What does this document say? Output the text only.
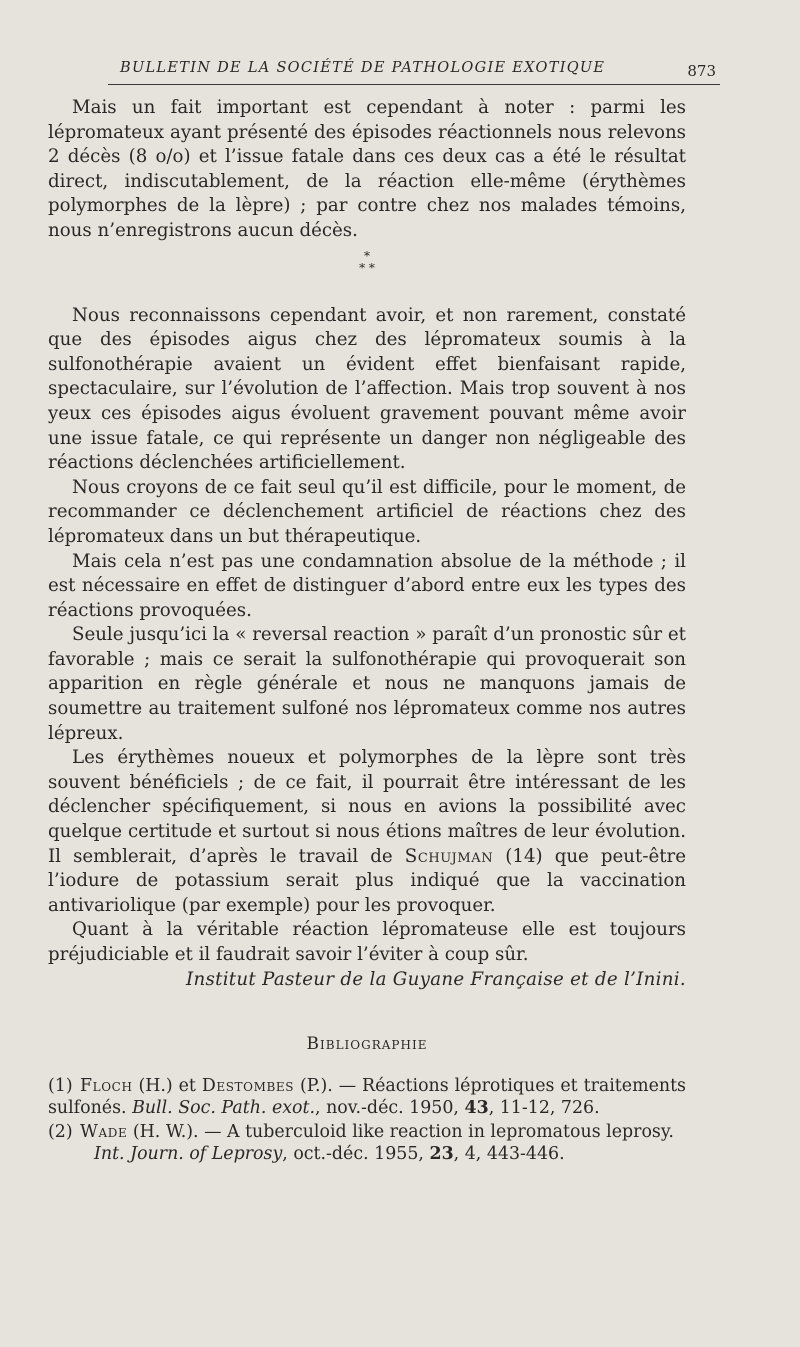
BULLETIN DE LA SOCIÉTÉ DE PATHOLOGIE EXOTIQUE	873

Mais un fait important est cependant à noter : parmi les lépromateux ayant présenté des épisodes réactionnels nous relevons 2 décès (8 o/o) et l’issue fatale dans ces deux cas a été le résultat direct, indiscutablement, de la réaction elle-même (érythèmes polymorphes de la lèpre) ; par contre chez nos malades témoins, nous n’enregistrons aucun décès.

*
* *

Nous reconnaissons cependant avoir, et non rarement, constaté que des épisodes aigus chez des lépromateux soumis à la sulfonothérapie avaient un évident effet bienfaisant rapide, spectaculaire, sur l’évolution de l’affection. Mais trop souvent à nos yeux ces épisodes aigus évoluent gravement pouvant même avoir une issue fatale, ce qui représente un danger non négligeable des réactions déclenchées artificiellement.

Nous croyons de ce fait seul qu’il est difficile, pour le moment, de recommander ce déclenchement artificiel de réactions chez des lépromateux dans un but thérapeutique.

Mais cela n’est pas une condamnation absolue de la méthode ; il est nécessaire en effet de distinguer d’abord entre eux les types des réactions provoquées.

Seule jusqu’ici la « reversal reaction » paraît d’un pronostic sûr et favorable ; mais ce serait la sulfonothérapie qui provoquerait son apparition en règle générale et nous ne manquons jamais de soumettre au traitement sulfoné nos lépromateux comme nos autres lépreux.

Les érythèmes noueux et polymorphes de la lèpre sont très souvent bénéficiels ; de ce fait, il pourrait être intéressant de les déclencher spécifiquement, si nous en avions la possibilité avec quelque certitude et surtout si nous étions maîtres de leur évolution. Il semblerait, d’après le travail de Schujman (14) que peut-être l’iodure de potassium serait plus indiqué que la vaccination antivariolique (par exemple) pour les provoquer.

Quant à la véritable réaction lépromateuse elle est toujours préjudiciable et il faudrait savoir l’éviter à coup sûr.

Institut Pasteur de la Guyane Française et de l’Inini.

Bibliographie
(1) Floch (H.) et Destombes (P.). — Réactions léprotiques et traitements sulfonés. Bull. Soc. Path. exot., nov.-déc. 1950, 43, 11-12, 726.
(2) Wade (H. W.). — A tuberculoid like reaction in lepromatous leprosy.
Int. Journ. of Leprosy, oct.-déc. 1955, 23, 4, 443-446.
